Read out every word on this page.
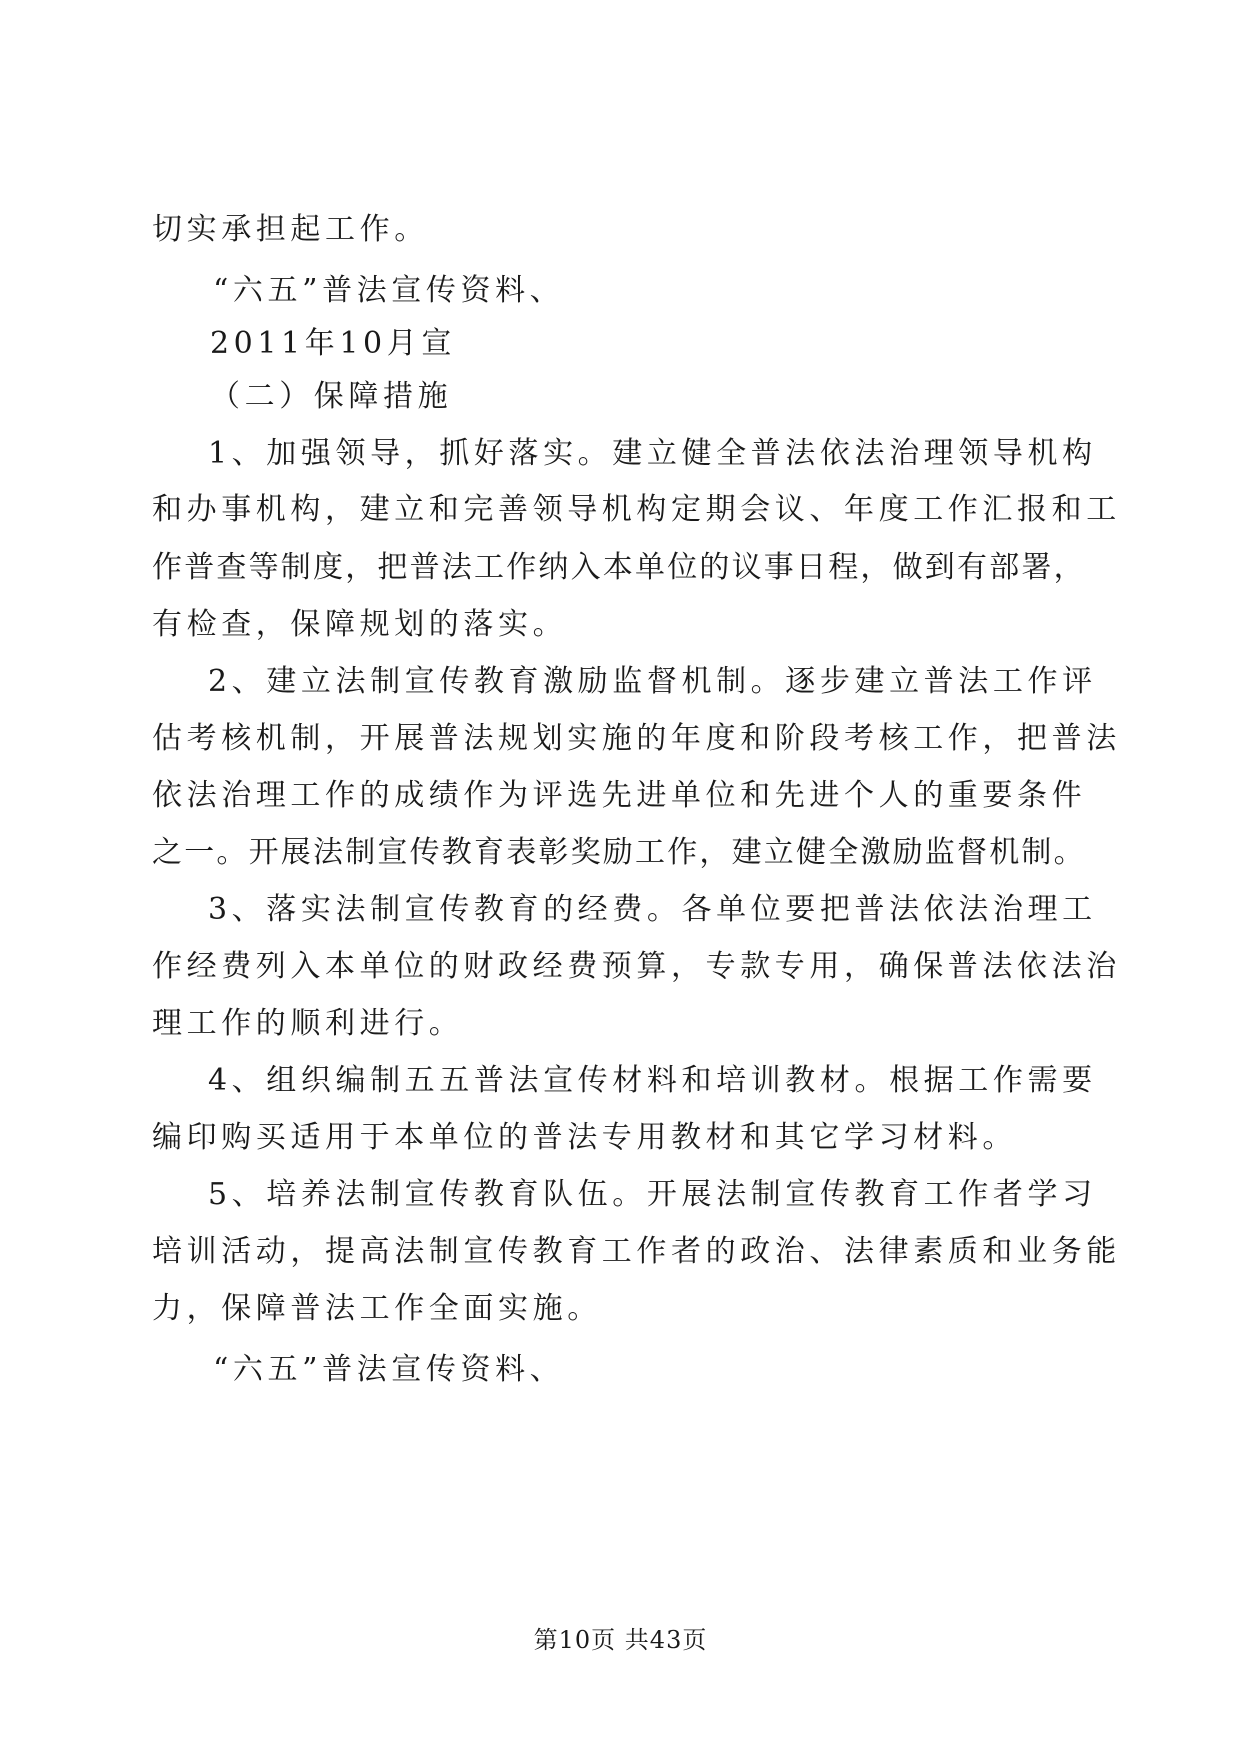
切实承担起工作。

“六五”普法宣传资料、

2011年10月宣

（二）保障措施

1、加强领导，抓好落实。建立健全普法依法治理领导机构

和办事机构，建立和完善领导机构定期会议、年度工作汇报和工

作普查等制度，把普法工作纳入本单位的议事日程，做到有部署，

有检查，保障规划的落实。

2、建立法制宣传教育激励监督机制。逐步建立普法工作评

估考核机制，开展普法规划实施的年度和阶段考核工作，把普法

依法治理工作的成绩作为评选先进单位和先进个人的重要条件

之一。开展法制宣传教育表彰奖励工作，建立健全激励监督机制。

3、落实法制宣传教育的经费。各单位要把普法依法治理工

作经费列入本单位的财政经费预算，专款专用，确保普法依法治

理工作的顺利进行。

4、组织编制五五普法宣传材料和培训教材。根据工作需要

编印购买适用于本单位的普法专用教材和其它学习材料。

5、培养法制宣传教育队伍。开展法制宣传教育工作者学习

培训活动，提高法制宣传教育工作者的政治、法律素质和业务能

力，保障普法工作全面实施。

“六五”普法宣传资料、

第10页 共43页
